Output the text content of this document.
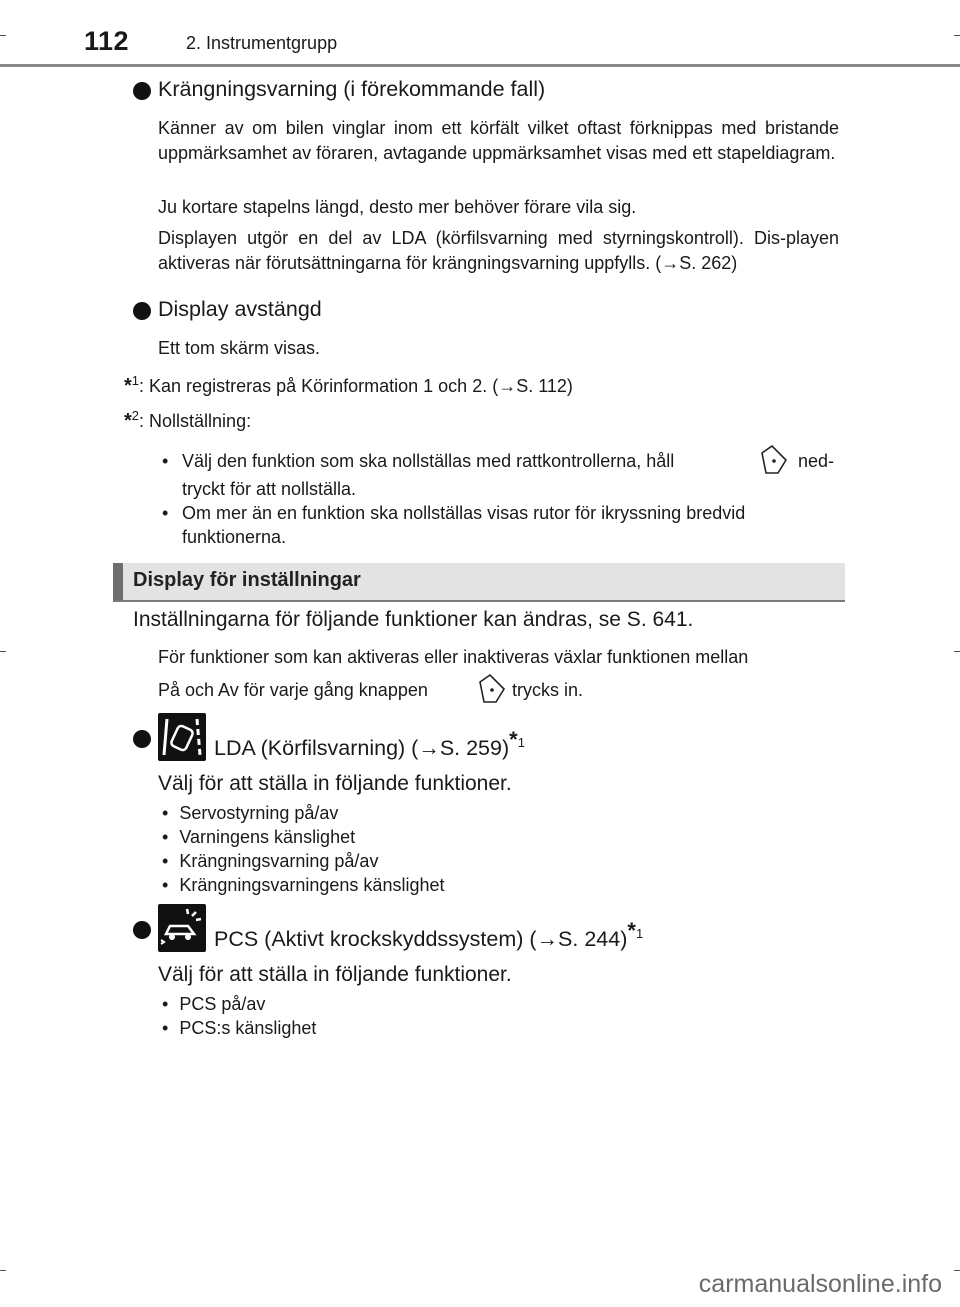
112	2. Instrumentgrupp
Krängningsvarning (i förekommande fall)
Känner av om bilen vinglar inom ett körfält vilket oftast förknippas med bristande uppmärksamhet av föraren, avtagande uppmärksamhet visas med ett stapeldiagram.
Ju kortare stapelns längd, desto mer behöver förare vila sig.
Displayen utgör en del av LDA (körfilsvarning med styrningskontroll). Dis-playen aktiveras när förutsättningarna för krängningsvarning uppfylls. (→S. 262)
Display avstängd
Ett tom skärm visas.
*$^1$: Kan registreras på Körinformation 1 och 2. (→S. 112)
*$^2$: Nollställning:
• Välj den funktion som ska nollställas med rattkontrollerna, håll	ned-
tryckt för att nollställa.
• Om mer än en funktion ska nollställas visas rutor för ikryssning bredvid
funktionerna.
Display för inställningar
Inställningarna för följande funktioner kan ändras, se S. 641.
För funktioner som kan aktiveras eller inaktiveras växlar funktionen mellan
På och Av för varje gång knappen	trycks in.
LDA (Körfilsvarning) (→S. 259)*$^1$
Välj för att ställa in följande funktioner.
• Servostyrning på/av
• Varningens känslighet
• Krängningsvarning på/av
• Krängningsvarningens känslighet
PCS (Aktivt krockskyddssystem) (→S. 244)*$^1$
Välj för att ställa in följande funktioner.
• PCS på/av
• PCS:s känslighet
carmanualsonline.info
